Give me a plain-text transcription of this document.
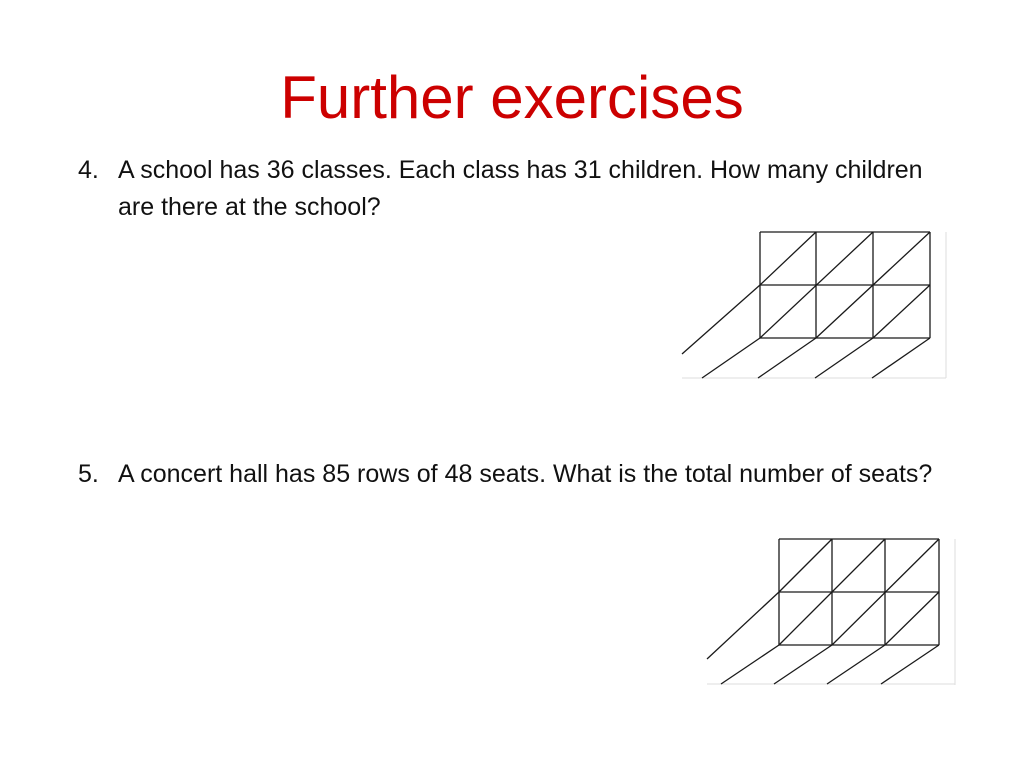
Further exercises
4. A school has 36 classes. Each class has 31 children. How many children are there at the school?
5. A concert hall has 85 rows of 48 seats. What is the total number of seats?
